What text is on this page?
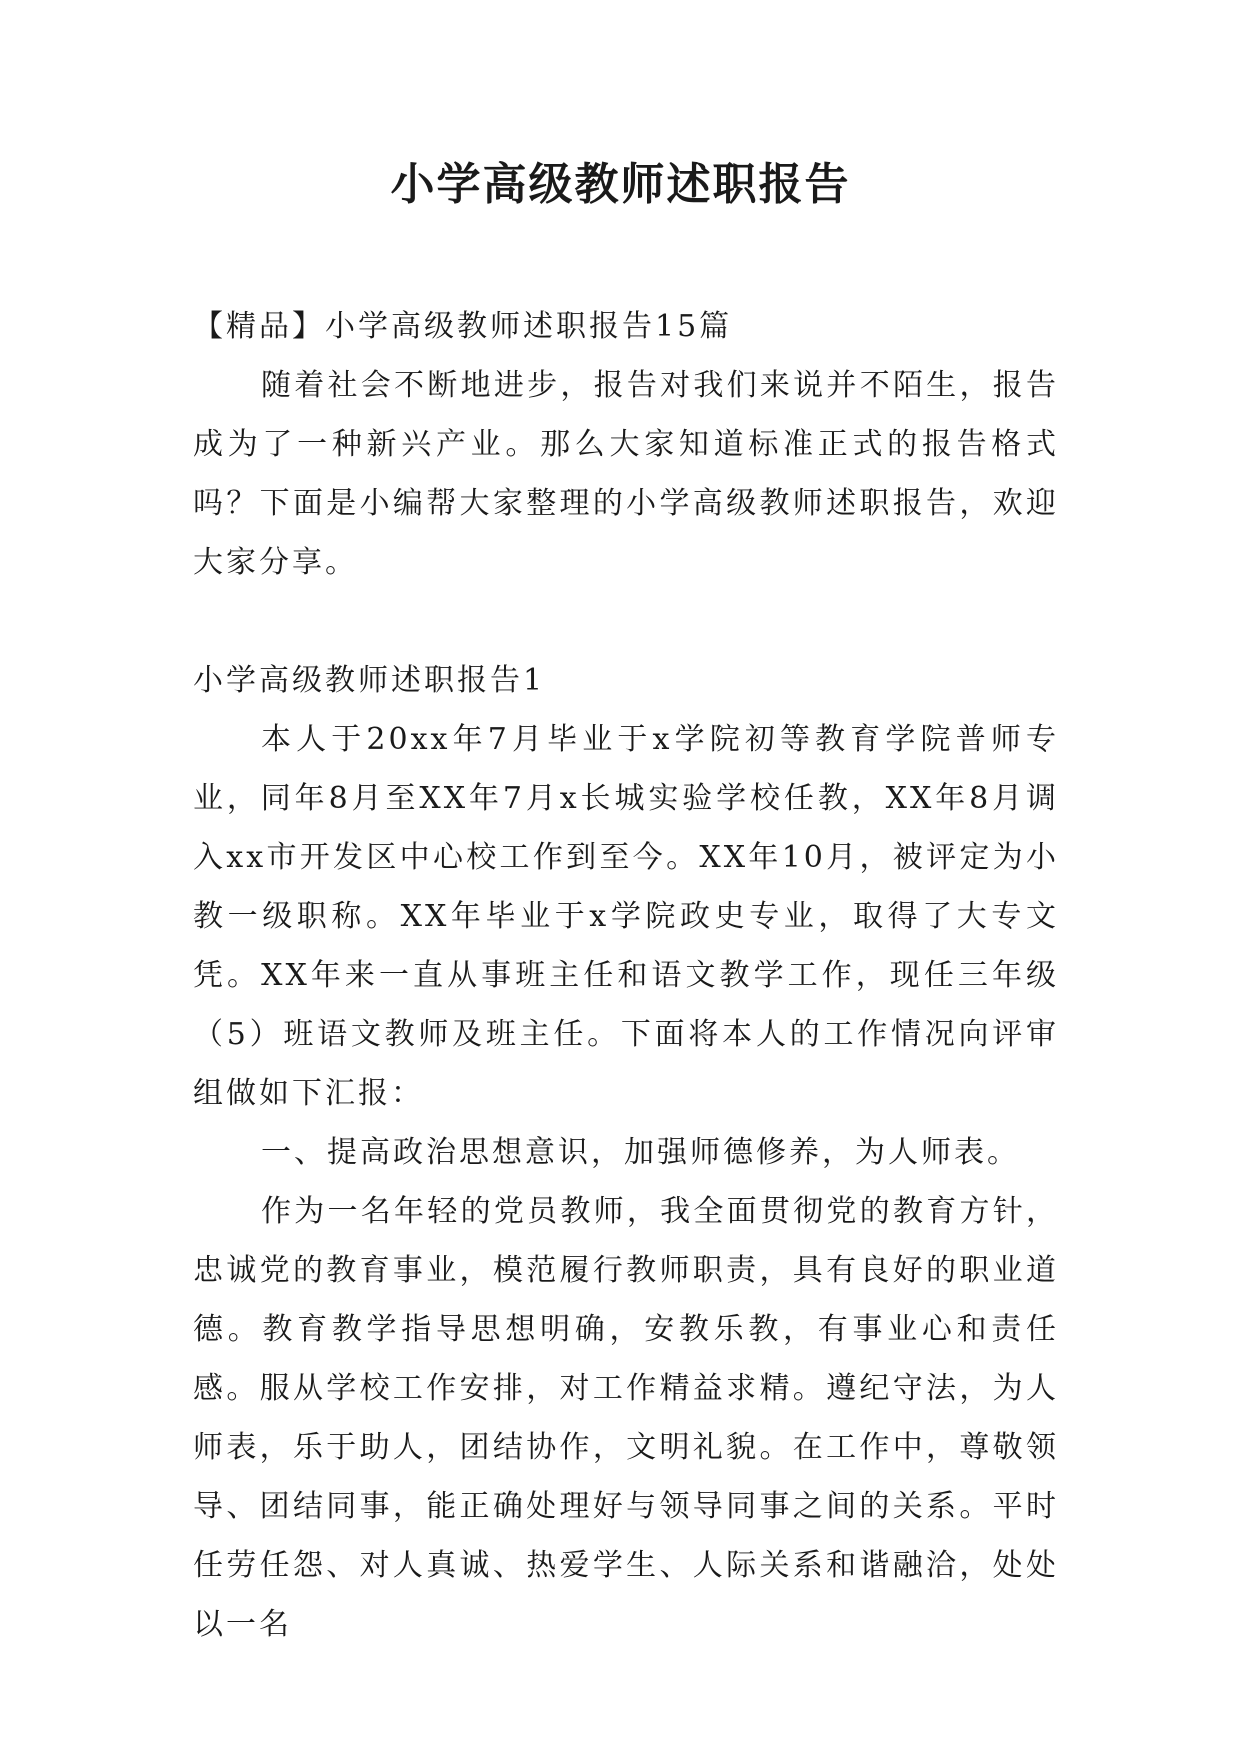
小学高级教师述职报告

【精品】小学高级教师述职报告15篇

随着社会不断地进步，报告对我们来说并不陌生，报告成为了一种新兴产业。那么大家知道标准正式的报告格式吗？下面是小编帮大家整理的小学高级教师述职报告，欢迎大家分享。

小学高级教师述职报告1

本人于20xx年7月毕业于x学院初等教育学院普师专业，同年8月至XX年7月x长城实验学校任教，XX年8月调入xx市开发区中心校工作到至今。XX年10月，被评定为小教一级职称。XX年毕业于x学院政史专业，取得了大专文凭。XX年来一直从事班主任和语文教学工作，现任三年级（5）班语文教师及班主任。下面将本人的工作情况向评审组做如下汇报：

一、提高政治思想意识，加强师德修养，为人师表。

作为一名年轻的党员教师，我全面贯彻党的教育方针，忠诚党的教育事业，模范履行教师职责，具有良好的职业道德。教育教学指导思想明确，安教乐教，有事业心和责任感。服从学校工作安排，对工作精益求精。遵纪守法，为人师表，乐于助人，团结协作，文明礼貌。在工作中，尊敬领导、团结同事，能正确处理好与领导同事之间的关系。平时任劳任怨、对人真诚、热爱学生、人际关系和谐融洽，处处以一名
